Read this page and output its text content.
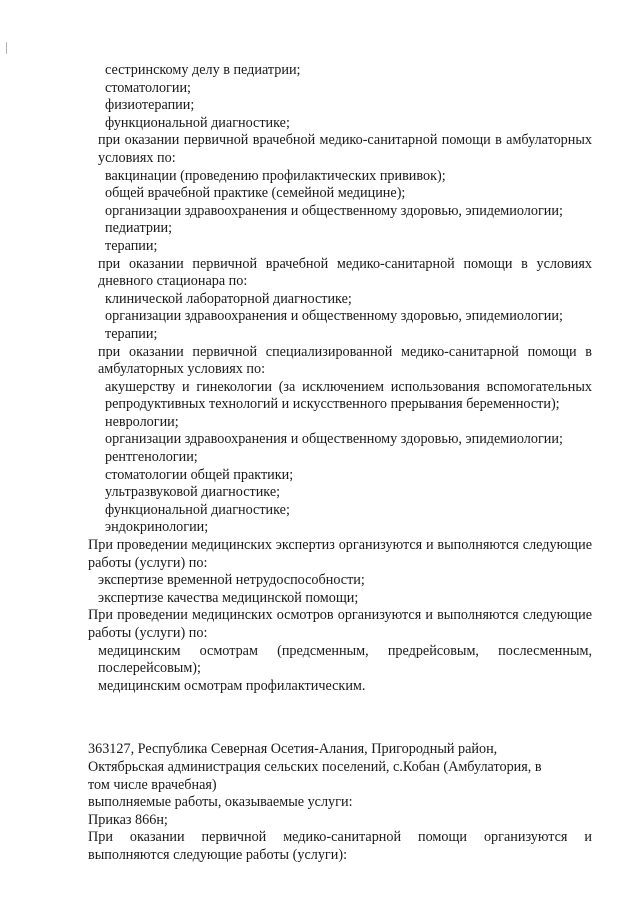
сестринскому делу в педиатрии;

стоматологии;

физиотерапии;

функциональной диагностике;

при оказании первичной врачебной медико-санитарной помощи в амбулаторных условиях по:

вакцинации (проведению профилактических прививок);

общей врачебной практике (семейной медицине);

организации здравоохранения и общественному здоровью, эпидемиологии;

педиатрии;

терапии;

при оказании первичной врачебной медико-санитарной помощи в условиях дневного стационара по:

клинической лабораторной диагностике;

организации здравоохранения и общественному здоровью, эпидемиологии;

терапии;

при оказании первичной специализированной медико-санитарной помощи в амбулаторных условиях по:

акушерству и гинекологии (за исключением использования вспомогательных репродуктивных технологий и искусственного прерывания беременности);

неврологии;

организации здравоохранения и общественному здоровью, эпидемиологии;

рентгенологии;

стоматологии общей практики;

ультразвуковой диагностике;

функциональной диагностике;

эндокринологии;

При проведении медицинских экспертиз организуются и выполняются следующие работы (услуги) по:

экспертизе временной нетрудоспособности;

экспертизе качества медицинской помощи;

При проведении медицинских осмотров организуются и выполняются следующие работы (услуги) по:

медицинским осмотрам (предсменным, предрейсовым, послесменным, послерейсовым);

медицинским осмотрам профилактическим.

363127, Республика Северная Осетия-Алания, Пригородный район,

Октябрьская администрация сельских поселений, с.Кобан (Амбулатория, в

том числе врачебная)

выполняемые работы, оказываемые услуги:

Приказ 866н;

При оказании первичной медико-санитарной помощи организуются и выполняются следующие работы (услуги):
